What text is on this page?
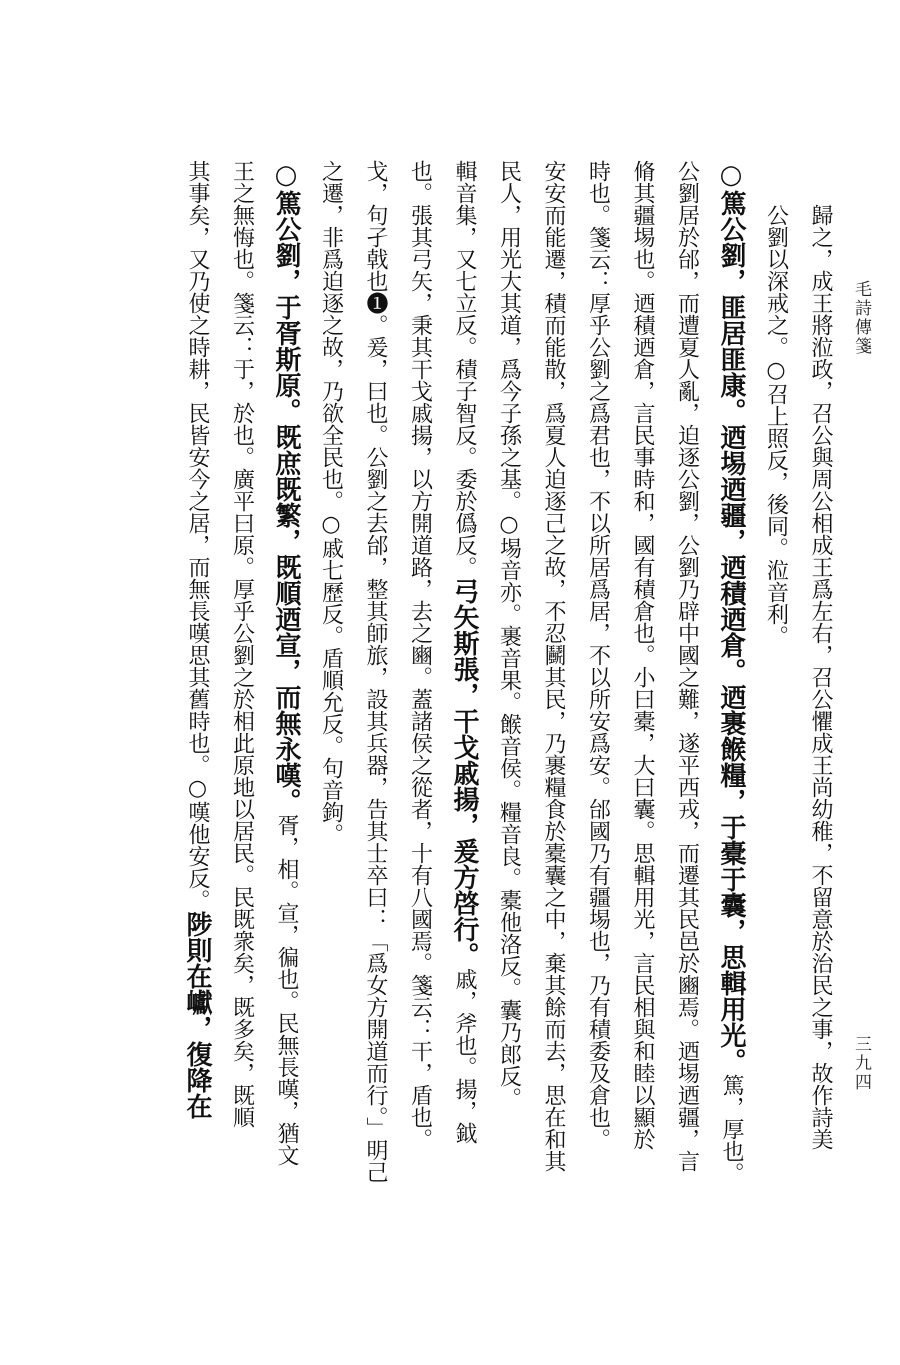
毛詩傳箋
三九四
歸之，成王將涖政，召公與周公相成王爲左右，召公懼成王尚幼稚，不留意於治民之事，故作詩美
公劉以深戒之。○召上照反，後同。涖音利。
○篤公劉，匪居匪康。迺埸迺疆，迺積迺倉。迺裹餱糧，于橐于囊，思輯用光。篤，厚也。
公劉居於邰，而遭夏人亂，迫逐公劉，公劉乃辟中國之難，遂平西戎，而遷其民邑於豳焉。迺埸迺疆，言
脩其疆埸也。迺積迺倉，言民事時和，國有積倉也。小曰橐，大曰囊。思輯用光，言民相與和睦以顯於
時也。箋云：厚乎公劉之爲君也，不以所居爲居，不以所安爲安。邰國乃有疆埸也，乃有積委及倉也。
安安而能遷，積而能散，爲夏人迫逐己之故，不忍鬭其民，乃裹糧食於橐囊之中，棄其餘而去，思在和其
民人，用光大其道，爲今子孫之基。○埸音亦。裹音果。餱音侯。糧音良。橐他洛反。囊乃郎反。
輯音集，又七立反。積子智反。委於僞反。弓矢斯張，干戈戚揚，爰方啓行。戚，斧也。揚，鉞
也。張其弓矢，秉其干戈戚揚，以方開道路，去之豳。蓋諸侯之從者，十有八國焉。箋云：干，盾也。
戈，句孑戟也❶。爰，曰也。公劉之去邰，整其師旅，設其兵器，告其士卒曰：「爲女方開道而行。」明己
之遷，非爲迫逐之故，乃欲全民也。○戚七歷反。盾順允反。句音鉤。
○篤公劉，于胥斯原。既庶既繁，既順迺宣，而無永嘆。胥，相。宣，徧也。民無長嘆，猶文
王之無悔也。箋云：于，於也。廣平曰原。厚乎公劉之於相此原地以居民。民既衆矣，既多矣，既順
其事矣，又乃使之時耕，民皆安今之居，而無長嘆思其舊時也。○嘆他安反。陟則在巘，復降在
